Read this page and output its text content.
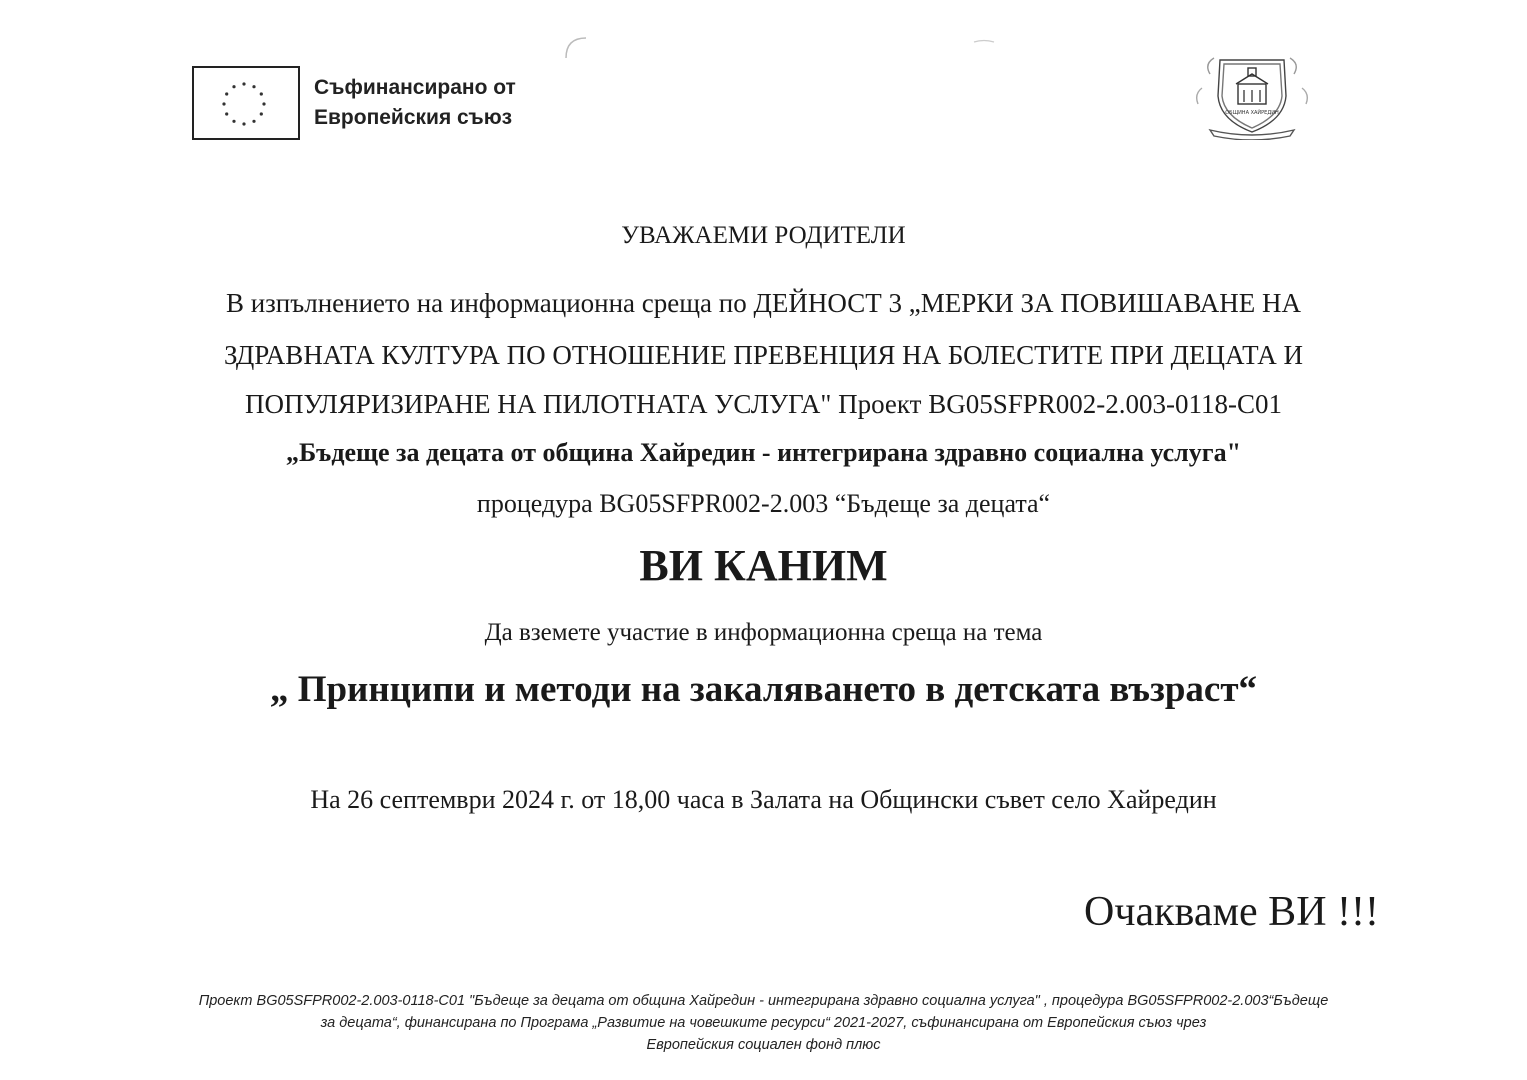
Съфинансирано от
Европейския съюз	ОБЩИНА ХАЙРЕДИН
УВАЖАЕМИ РОДИТЕЛИ
В изпълнението на информационна среща по ДЕЙНОСТ 3 „МЕРКИ ЗА ПОВИШАВАНЕ НА
ЗДРАВНАТА КУЛТУРА ПО ОТНОШЕНИЕ ПРЕВЕНЦИЯ НА БОЛЕСТИТЕ ПРИ ДЕЦАТА И
ПОПУЛЯРИЗИРАНЕ НА ПИЛОТНАТА УСЛУГА" Проект BG05SFPR002-2.003-0118-С01
„Бъдеще за децата от община Хайредин - интегрирана здравно социална услуга"
процедура BG05SFPR002-2.003 “Бъдеще за децата“
ВИ КАНИМ
Да вземете участие в информационна среща на тема
„ Принципи и методи на закаляването в детската възраст“
На 26 септември 2024 г. от 18,00 часа в Залата на Общински съвет село Хайредин
Очакваме ВИ !!!
Проект BG05SFPR002-2.003-0118-С01 "Бъдеще за децата от община Хайредин - интегрирана здравно социална услуга" , процедура BG05SFPR002-2.003“Бъдеще
за децата“, финансирана по Програма „Развитие на човешките ресурси“ 2021-2027, съфинансирана от Европейския съюз чрез
Европейския социален фонд плюс
